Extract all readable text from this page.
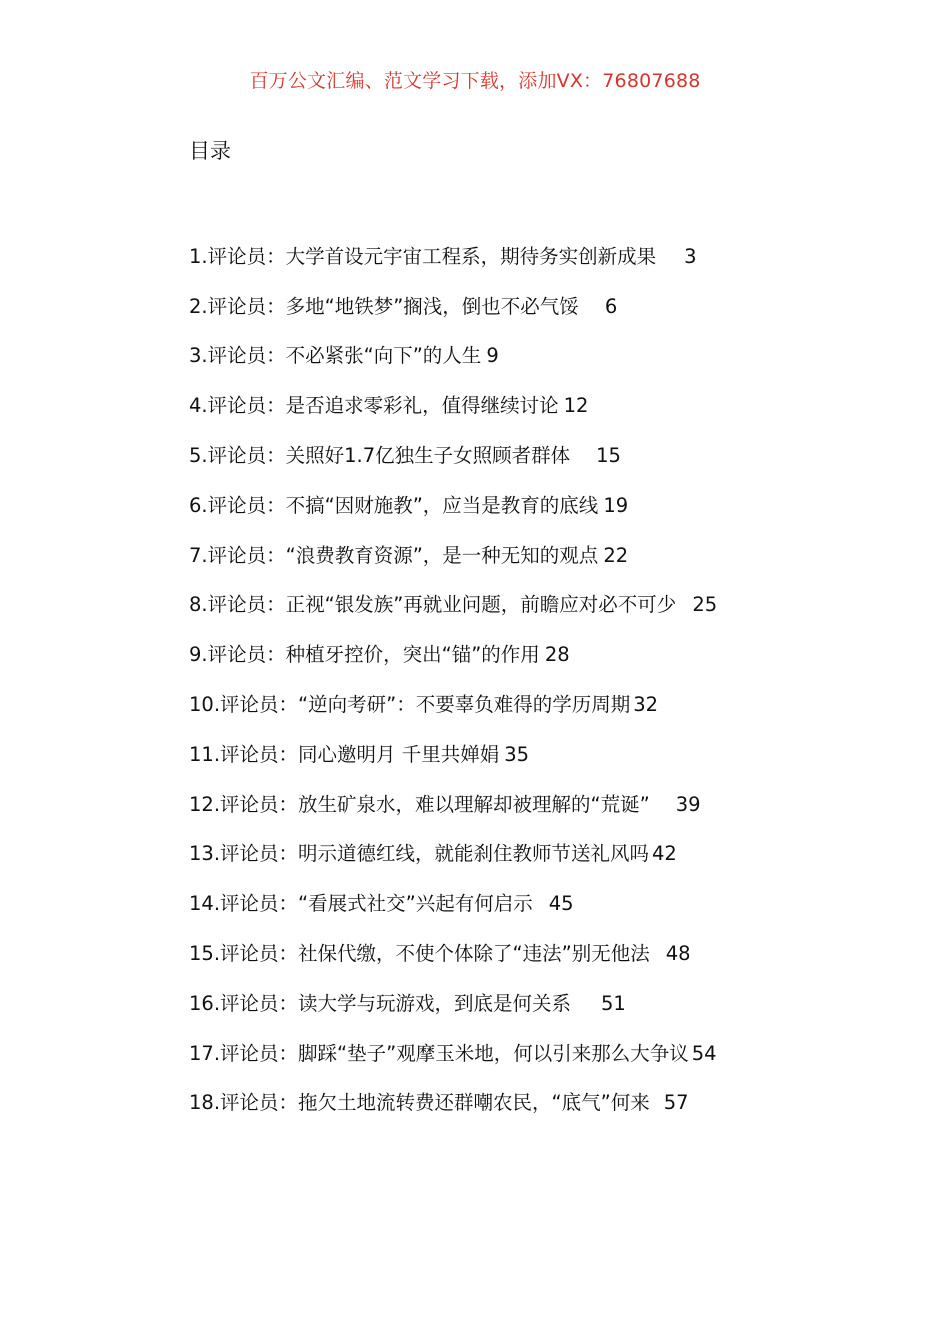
百万公文汇编、范文学习下载，添加VX：76807688
目录
1.评论员：大学首设元宇宙工程系，期待务实创新成果 3
2.评论员：多地“地铁梦”搁浅，倒也不必气馁 6
3.评论员：不必紧张“向下”的人生 9
4.评论员：是否追求零彩礼，值得继续讨论 12
5.评论员：关照好1.7亿独生子女照顾者群体 15
6.评论员：不搞“因财施教”，应当是教育的底线 19
7.评论员：“浪费教育资源”，是一种无知的观点 22
8.评论员：正视“银发族”再就业问题，前瞻应对必不可少 25
9.评论员：种植牙控价，突出“锚”的作用 28
10.评论员：“逆向考研”：不要辜负难得的学历周期 32
11.评论员：同心邀明月 千里共婵娟 35
12.评论员：放生矿泉水，难以理解却被理解的“荒诞” 39
13.评论员：明示道德红线，就能刹住教师节送礼风吗 42
14.评论员：“看展式社交”兴起有何启示 45
15.评论员：社保代缴，不使个体除了“违法”别无他法 48
16.评论员：读大学与玩游戏，到底是何关系 51
17.评论员：脚踩“垫子”观摩玉米地，何以引来那么大争议 54
18.评论员：拖欠土地流转费还群嘲农民，“底气”何来 57
